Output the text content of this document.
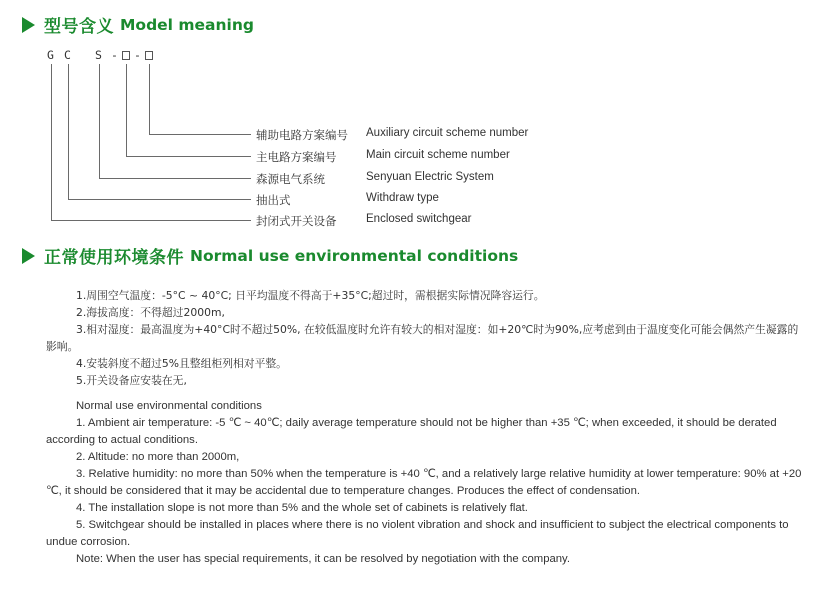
型号含义 Model meaning
G C S - -
辅助电路方案编号 Auxiliary circuit scheme number
主电路方案编号	Main circuit scheme number
森源电气系统	Senyuan Electric System
抽出式	Withdraw type
封闭式开关设备	Enclosed switchgear
正常使用环境条件 Normal use environmental conditions

1.周围空气温度：-5°C ~ 40°C; 日平均温度不得高于+35°C;超过时，需根据实际情况降容运行。

2.海拔高度：不得超过2000m,

3.相对湿度：最高温度为+40°C时不超过50%, 在较低温度时允许有较大的相对湿度：如+20℃时为90%,应考虑到由于温度变化可能会偶然产生凝露的影响。

4.安装斜度不超过5%且整组柜列相对平整。

5.开关设备应安装在无,

Normal use environmental conditions

1. Ambient air temperature: -5 ℃ ~ 40℃; daily average temperature should not be higher than +35 ℃; when exceeded, it should be derated according to actual conditions.

2. Altitude: no more than 2000m,

3. Relative humidity: no more than 50% when the temperature is +40 ℃, and a relatively large relative humidity at lower temperature: 90% at +20 ℃, it should be considered that it may be accidental due to temperature changes. Produces the effect of condensation.

4. The installation slope is not more than 5% and the whole set of cabinets is relatively flat.

5. Switchgear should be installed in places where there is no violent vibration and shock and insufficient to subject the electrical components to undue corrosion.

Note: When the user has special requirements, it can be resolved by negotiation with the company.
